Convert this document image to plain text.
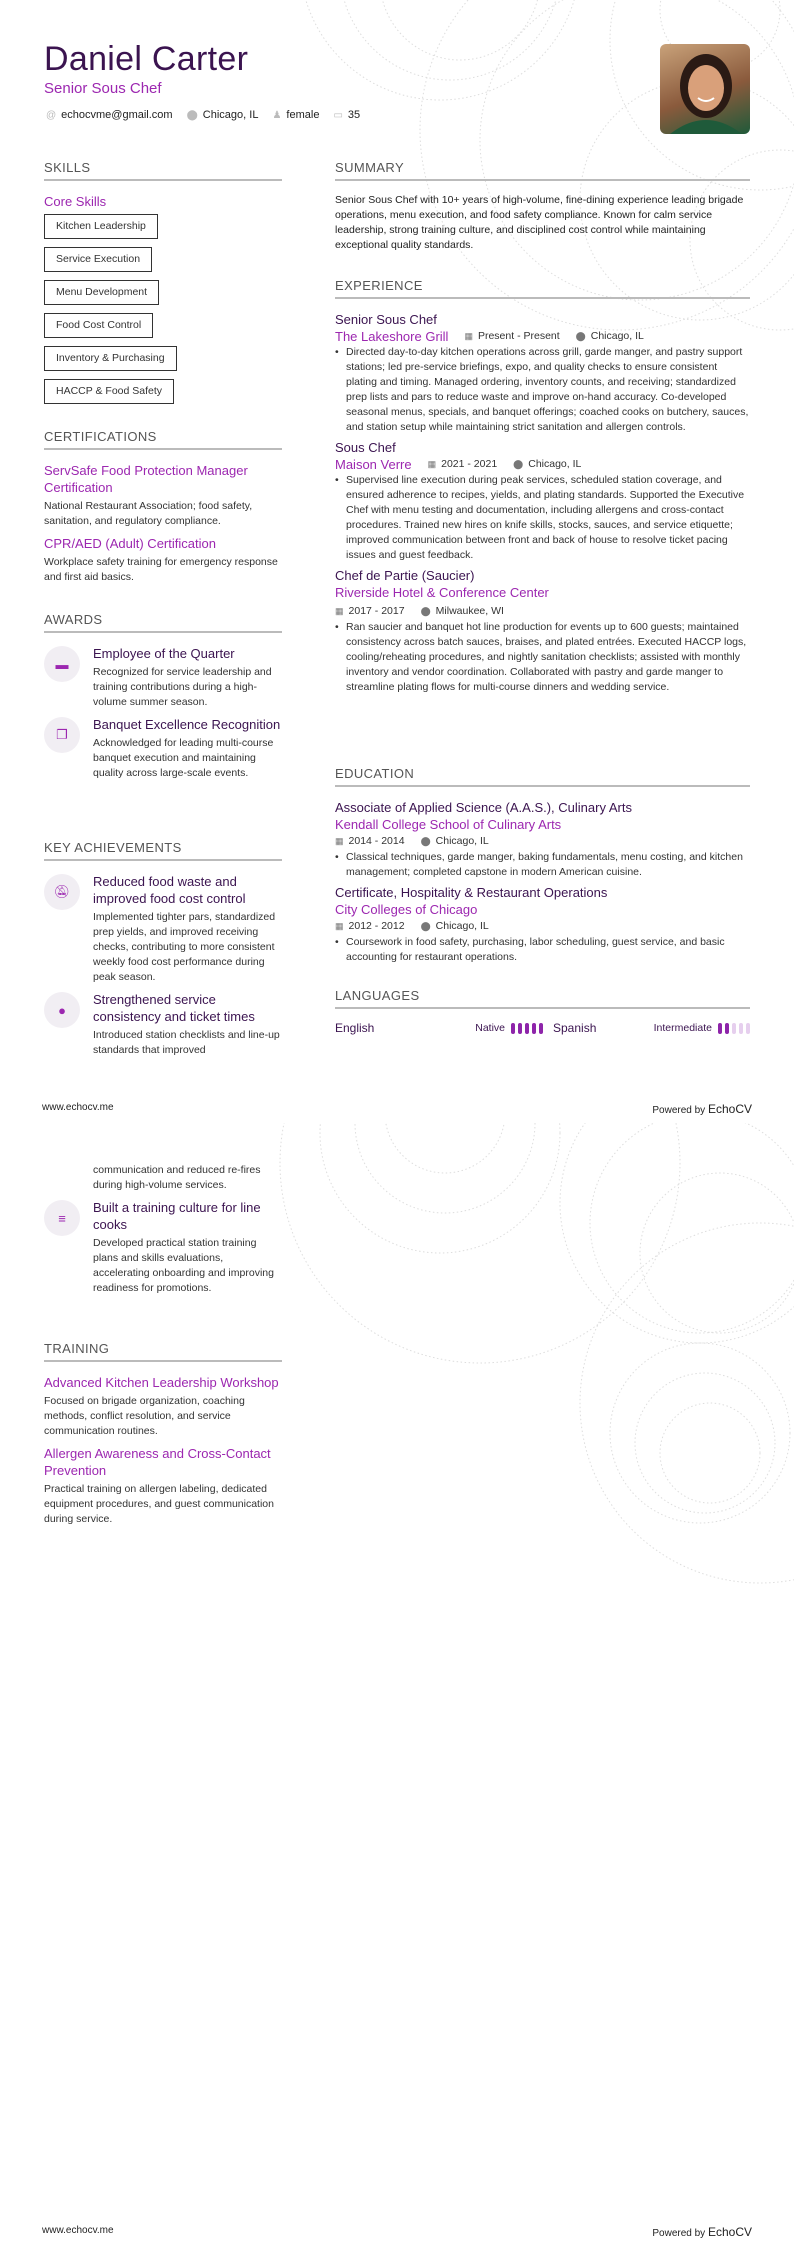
Daniel Carter
Senior Sous Chef
@ echocvme@gmail.com ⬤ Chicago, IL ♟ female ▭ 35
SKILLS
Core Skills
Kitchen Leadership
Service Execution
Menu Development
Food Cost Control
Inventory & Purchasing
HACCP & Food Safety
CERTIFICATIONS
ServSafe Food Protection Manager Certification
National Restaurant Association; food safety, sanitation, and regulatory compliance.
CPR/AED (Adult) Certification
Workplace safety training for emergency response and first aid basics.
AWARDS
▬
Employee of the Quarter
Recognized for service leadership and training contributions during a high-volume summer season.
❐
Banquet Excellence Recognition
Acknowledged for leading multi-course banquet execution and maintaining quality across large-scale events.
KEY ACHIEVEMENTS
🔕︎
Reduced food waste and improved food cost control
Implemented tighter pars, standardized prep yields, and improved receiving checks, contributing to more consistent weekly food cost performance during peak season.
●
Strengthened service consistency and ticket times
Introduced station checklists and line-up standards that improved
SUMMARY
Senior Sous Chef with 10+ years of high-volume, fine-dining experience leading brigade operations, menu execution, and food safety compliance. Known for calm service leadership, strong training culture, and disciplined cost control while maintaining exceptional quality standards.
EXPERIENCE
Senior Sous Chef
The Lakeshore Grill ▦ Present - Present ⬤ Chicago, IL
• Directed day-to-day kitchen operations across grill, garde manger, and pastry support stations; led pre-service briefings, expo, and quality checks to ensure consistent plating and timing. Managed ordering, inventory counts, and receiving; standardized prep lists and pars to reduce waste and improve on-hand accuracy. Co-developed seasonal menus, specials, and banquet offerings; coached cooks on butchery, sauces, and station setup while maintaining strict sanitation and allergen controls.
Sous Chef
Maison Verre ▦ 2021 - 2021 ⬤ Chicago, IL
• Supervised line execution during peak services, scheduled station coverage, and ensured adherence to recipes, yields, and plating standards. Supported the Executive Chef with menu testing and documentation, including allergens and cross-contact procedures. Trained new hires on knife skills, stocks, sauces, and service etiquette; improved communication between front and back of house to resolve ticket pacing issues and guest feedback.
Chef de Partie (Saucier)
Riverside Hotel & Conference Center
▦ 2017 - 2017 ⬤ Milwaukee, WI
• Ran saucier and banquet hot line production for events up to 600 guests; maintained consistency across batch sauces, braises, and plated entrées. Executed HACCP logs, cooling/reheating procedures, and nightly sanitation checklists; assisted with monthly inventory and vendor coordination. Collaborated with pastry and garde manger to streamline plating flows for multi-course dinners and wedding service.
EDUCATION
Associate of Applied Science (A.A.S.), Culinary Arts
Kendall College School of Culinary Arts
▦ 2014 - 2014 ⬤ Chicago, IL
• Classical techniques, garde manger, baking fundamentals, menu costing, and kitchen management; completed capstone in modern American cuisine.
Certificate, Hospitality & Restaurant Operations
City Colleges of Chicago
▦ 2012 - 2012 ⬤ Chicago, IL
• Coursework in food safety, purchasing, labor scheduling, guest service, and basic accounting for restaurant operations.
LANGUAGES
English	Native	Spanish	Intermediate
www.echocv.me	Powered by EchoCV
communication and reduced re-fires during high-volume services.
≡
Built a training culture for line cooks
Developed practical station training plans and skills evaluations, accelerating onboarding and improving readiness for promotions.
TRAINING
Advanced Kitchen Leadership Workshop
Focused on brigade organization, coaching methods, conflict resolution, and service communication routines.
Allergen Awareness and Cross-Contact Prevention
Practical training on allergen labeling, dedicated equipment procedures, and guest communication during service.
www.echocv.me	Powered by EchoCV
